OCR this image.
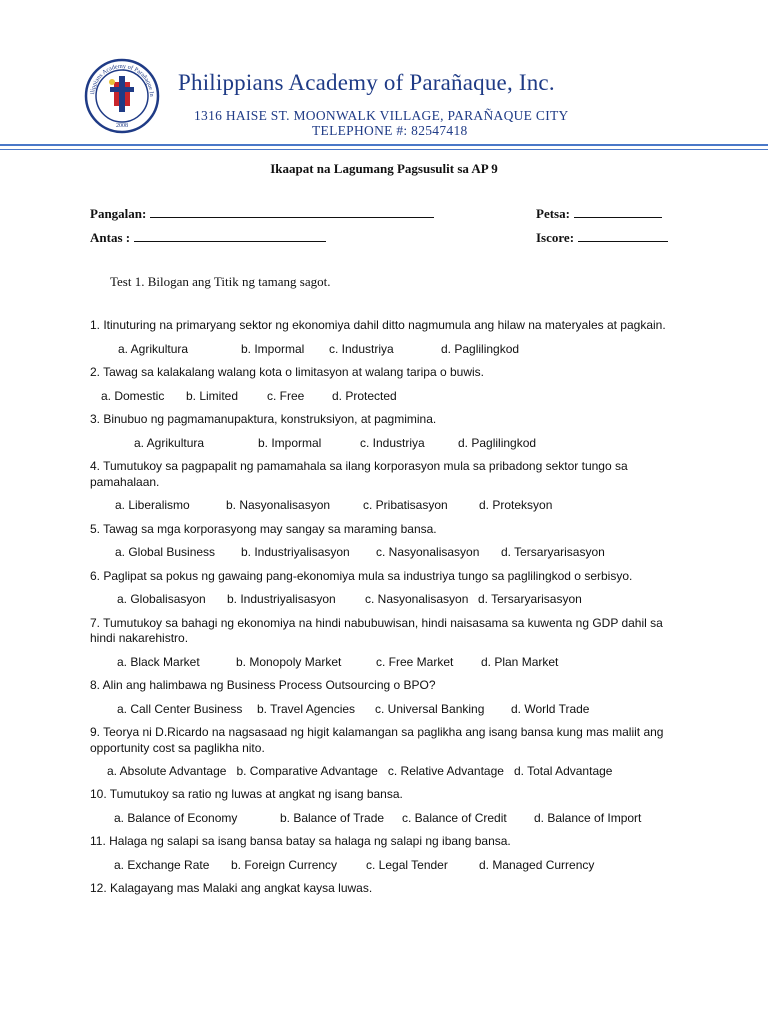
ilippians Academy of Parañaque In
2008
Philippians Academy of Parañaque, Inc.
1316 HAISE ST. MOONWALK VILLAGE, PARAÑAQUE CITY
TELEPHONE #: 82547418
Ikaapat na Lagumang Pagsusulit sa AP 9
Pangalan:	Petsa:
Antas :	Iscore:
Test 1. Bilogan ang Titik ng tamang sagot.

1. Itinuturing na primaryang sektor ng ekonomiya dahil ditto nagmumula ang hilaw na materyales at pagkain.

a. Agrikultura	b. Impormal c. Industriya	d. Paglilingkod

2. Tawag sa kalakalang walang kota o limitasyon at walang taripa o buwis.

a. Domestic b. Limited c. Free d. Protected

3. Binubuo ng pagmamanupaktura, konstruksiyon, at pagmimina.

a. Agrikultura	b. Impormal	c. Industriya	d. Paglilingkod

4. Tumutukoy sa pagpapalit ng pamamahala sa ilang korporasyon mula sa pribadong sektor tungo sa pamahalaan.

a. Liberalismo	b. Nasyonalisasyon	c. Pribatisasyon	d. Proteksyon

5. Tawag sa mga korporasyong may sangay sa maraming bansa.

a. Global Business b. Industriyalisasyon c. Nasyonalisasyon d. Tersaryarisasyon

6. Paglipat sa pokus ng gawaing pang-ekonomiya mula sa industriya tungo sa paglilingkod o serbisyo.

a. Globalisasyon b. Industriyalisasyon c. Nasyonalisasyon d. Tersaryarisasyon

7. Tumutukoy sa bahagi ng ekonomiya na hindi nabubuwisan, hindi naisasama sa kuwenta ng GDP dahil sa hindi nakarehistro.

a. Black Market	b. Monopoly Market	c. Free Market d. Plan Market

8. Alin ang halimbawa ng Business Process Outsourcing o BPO?

a. Call Center Business b. Travel Agencies c. Universal Banking d. World Trade

9. Teorya ni D.Ricardo na nagsasaad ng higit kalamangan sa paglikha ang isang bansa kung mas maliit ang opportunity cost sa paglikha nito.

a. Absolute Advantage b. Comparative Advantage c. Relative Advantage d. Total Advantage

10. Tumutukoy sa ratio ng luwas at angkat ng isang bansa.

a. Balance of Economy	b. Balance of Trade c. Balance of Credit d. Balance of Import

11. Halaga ng salapi sa isang bansa batay sa halaga ng salapi ng ibang bansa.

a. Exchange Rate b. Foreign Currency c. Legal Tender	d. Managed Currency

12. Kalagayang mas Malaki ang angkat kaysa luwas.
